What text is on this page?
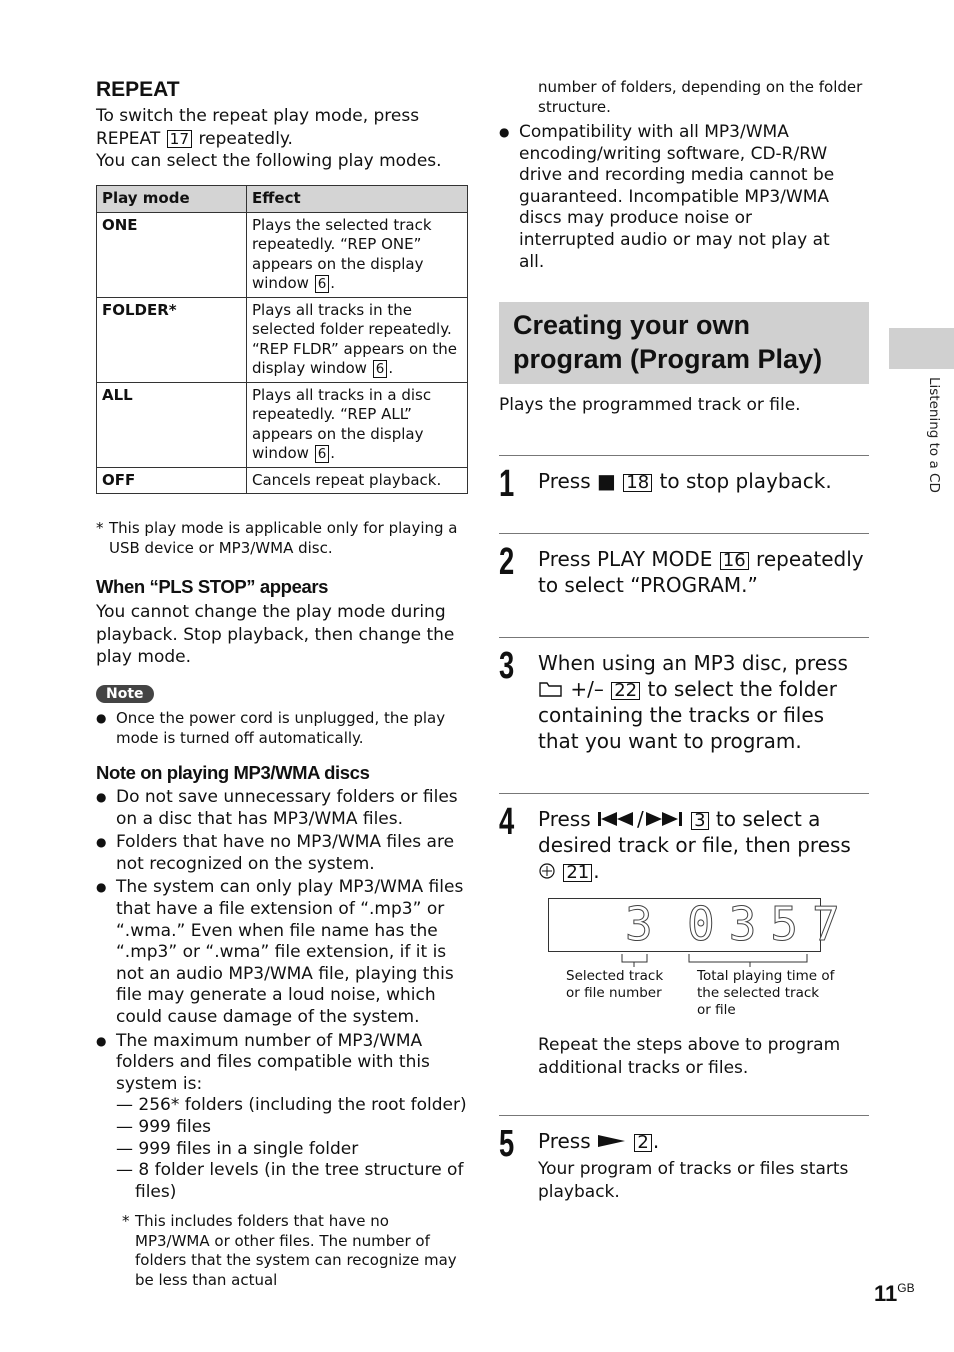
REPEAT
To switch the repeat play mode, press
REPEAT 17 repeatedly.
You can select the following play modes.
Play mode	Effect
ONE	Plays the selected track repeatedly. “REP ONE” appears on the display window 6 .
FOLDER*	Plays all tracks in the selected folder repeatedly. “REP FLDR” appears on the display window 6 .
ALL	Plays all tracks in a disc repeatedly. “REP ALL” appears on the display window 6 .
OFF	Cancels repeat playback.
* This play mode is applicable only for playing a USB device or MP3/WMA disc.
When “PLS STOP” appears
You cannot change the play mode during playback. Stop playback, then change the play mode.
Note
● Once the power cord is unplugged, the play mode is turned off automatically.
Note on playing MP3/WMA discs
● Do not save unnecessary folders or files on a disc that has MP3/WMA files.
● Folders that have no MP3/WMA files are not recognized on the system.
● The system can only play MP3/WMA files that have a file extension of “.mp3” or “.wma.” Even when file name has the “.mp3” or “.wma” file extension, if it is not an audio MP3/WMA file, playing this file may generate a loud noise, which could cause damage of the system.
● The maximum number of MP3/WMA folders and files compatible with this system is:
— 256* folders (including the root folder)
— 999 files
— 999 files in a single folder
— 8 folder levels (in the tree structure of files)
* This includes folders that have no MP3/WMA or other files. The number of folders that the system can recognize may be less than actual
number of folders, depending on the folder structure.
● Compatibility with all MP3/WMA encoding/writing software, CD-R/RW drive and recording media cannot be guaranteed. Incompatible MP3/WMA discs may produce noise or interrupted audio or may not play at all.
Creating your own
program (Program Play)
Plays the programmed track or file.
1 Press ■ 18 to stop playback.
2 Press PLAY MODE 16 repeatedly to select “PROGRAM.”
3 When using an MP3 disc, press  +/– 22 to select the folder containing the tracks or files that you want to program.
4 Press /	3 to select a desired track or file, then press  21 .
3 0357
Selected track or file number
Total playing time of the selected track or file
Repeat the steps above to program additional tracks or files.
5 Press	2 .
Your program of tracks or files starts playback.
Listening to a CD
$11^{GB}$
